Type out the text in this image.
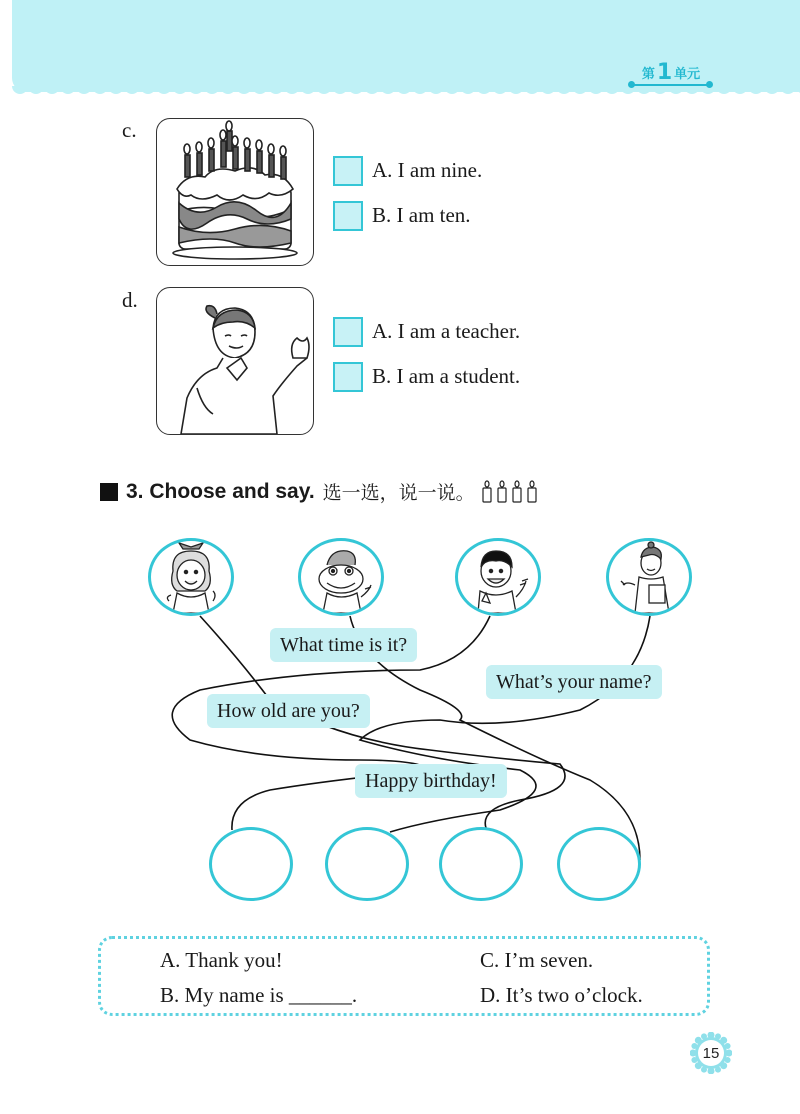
第 1 单元
c.
A. I am nine.
B. I am ten.
d.
A. I am a teacher.
B. I am a student.
3. Choose and say. 选一选，说一说。
What time is it?
What’s your name?
How old are you?
Happy birthday!
A. Thank you!
B. My name is ______.
C. I’m seven.
D. It’s two o’clock.
15
